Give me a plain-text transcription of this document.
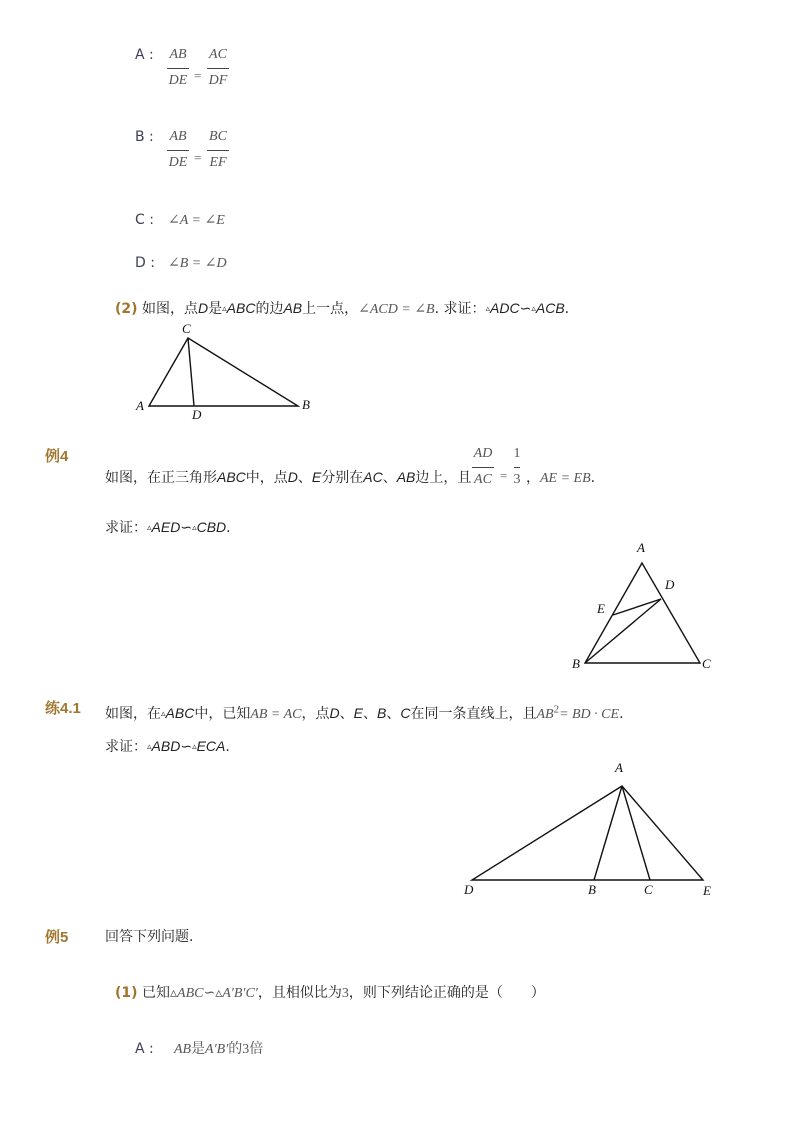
A : AB
DE =
AC
DF
B : AB
DE =
BC
EF
C : ∠A = ∠E
D : ∠B = ∠D
(2) 如图，点D是▵ABC的边AB上一点，∠ACD = ∠B. 求证：▵ADC∽▵ACB.
C
A
D
B
例4
如图，在正三角形ABC中，点D、E分别在AC、AB边上，且
AD
AC =
1
3 ，AE = EB.
求证：▵AED∽▵CBD.
A
D
E
B	C
练4.1 如图，在▵ABC中，已知AB = AC，点D、E、B、C在同一条直线上，且$AB^2=$ BD · CE.
求证：▵ABD∽▵ECA.
A
D	B	C	E
例5	回答下列问题.
(1) 已知▵ABC∽▵A′B′C′，且相似比为3，则下列结论正确的是（　　）
A : AB是A′B′的3倍
